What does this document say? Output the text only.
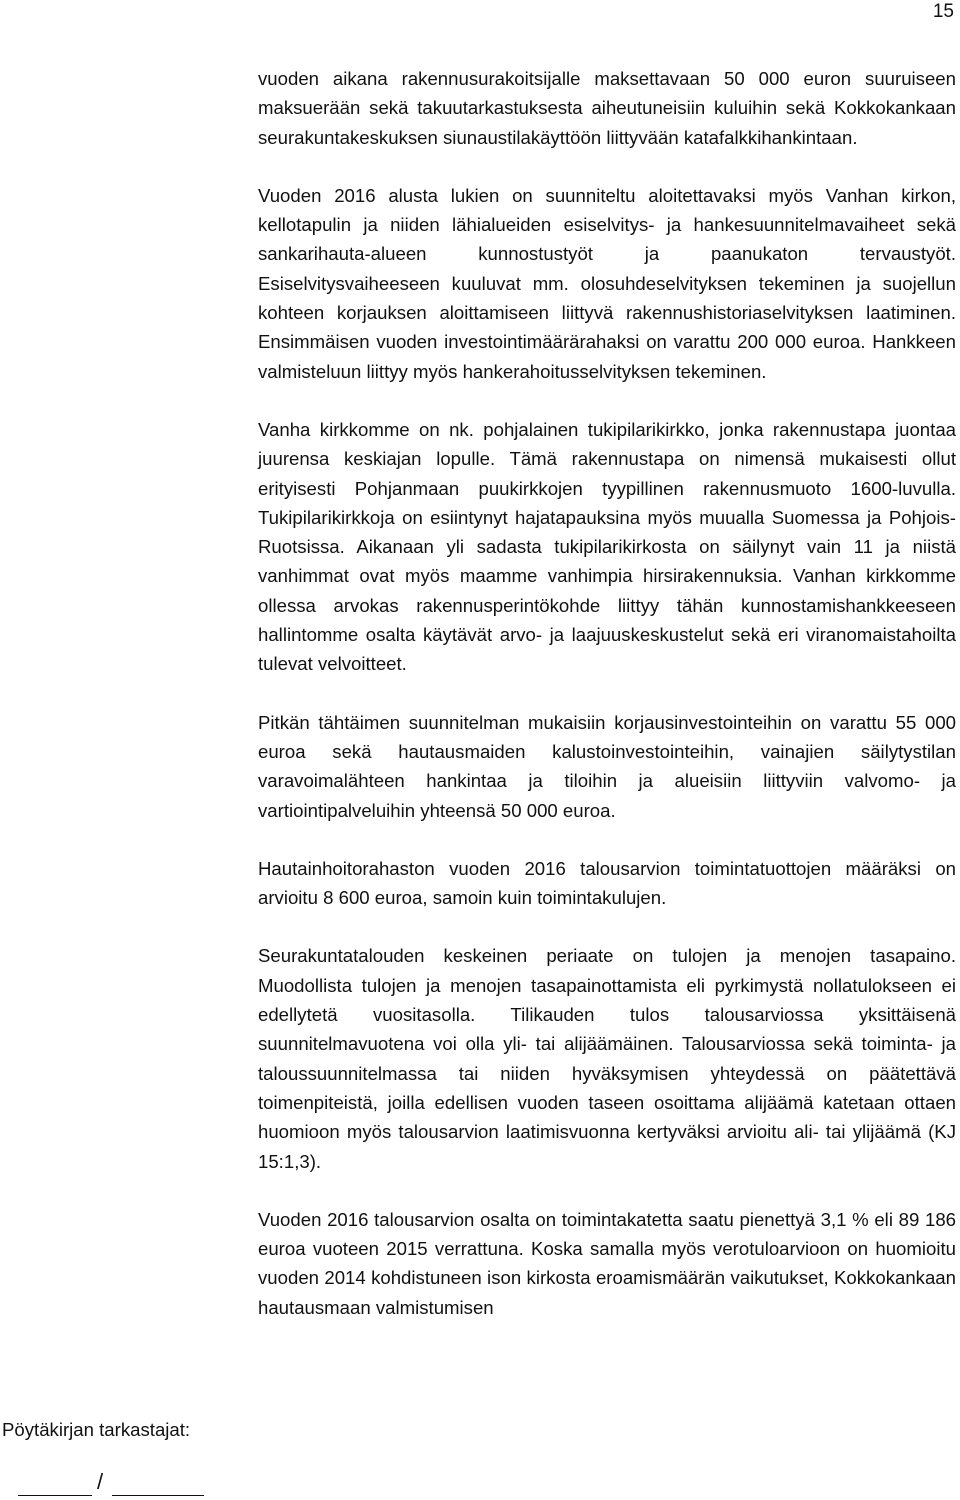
15

vuoden aikana rakennusurakoitsijalle maksettavaan 50 000 euron suuruiseen maksuerään sekä takuutarkastuksesta aiheutuneisiin kuluihin sekä Kokkokankaan seurakuntakeskuksen siunaustilakäyttöön liittyvään katafalkkihankintaan.

Vuoden 2016 alusta lukien on suunniteltu aloitettavaksi myös Vanhan kirkon, kellotapulin ja niiden lähialueiden esiselvitys- ja hankesuunnitelmavaiheet sekä sankarihauta-alueen kunnostustyöt ja paanukaton tervaustyöt. Esiselvitysvaiheeseen kuuluvat mm. olosuhdeselvityksen tekeminen ja suojellun kohteen korjauksen aloittamiseen liittyvä rakennushistoriaselvityksen laatiminen. Ensimmäisen vuoden investointimäärärahaksi on varattu 200 000 euroa. Hankkeen valmisteluun liittyy myös hankerahoitusselvityksen tekeminen.

Vanha kirkkomme on nk. pohjalainen tukipilarikirkko, jonka rakennustapa juontaa juurensa keskiajan lopulle. Tämä rakennustapa on nimensä mukaisesti ollut erityisesti Pohjanmaan puukirkkojen tyypillinen rakennusmuoto 1600-luvulla. Tukipilarikirkkoja on esiintynyt hajatapauksina myös muualla Suomessa ja Pohjois-Ruotsissa. Aikanaan yli sadasta tukipilarikirkosta on säilynyt vain 11 ja niistä vanhimmat ovat myös maamme vanhimpia hirsirakennuksia. Vanhan kirkkomme ollessa arvokas rakennusperintökohde liittyy tähän kunnostamishankkeeseen hallintomme osalta käytävät arvo- ja laajuuskeskustelut sekä eri viranomaistahoilta tulevat velvoitteet.

Pitkän tähtäimen suunnitelman mukaisiin korjausinvestointeihin on varattu 55 000 euroa sekä hautausmaiden kalustoinvestointeihin, vainajien säilytystilan varavoimalähteen hankintaa ja tiloihin ja alueisiin liittyviin valvomo- ja vartiointipalveluihin yhteensä 50 000 euroa.

Hautainhoitorahaston vuoden 2016 talousarvion toimintatuottojen määräksi on arvioitu 8 600 euroa, samoin kuin toimintakulujen.

Seurakuntatalouden keskeinen periaate on tulojen ja menojen tasapaino. Muodollista tulojen ja menojen tasapainottamista eli pyrkimystä nollatulokseen ei edellytetä vuositasolla. Tilikauden tulos talousarviossa yksittäisenä suunnitelmavuotena voi olla yli- tai alijäämäinen. Talousarviossa sekä toiminta- ja taloussuunnitelmassa tai niiden hyväksymisen yhteydessä on päätettävä toimenpiteistä, joilla edellisen vuoden taseen osoittama alijäämä katetaan ottaen huomioon myös talousarvion laatimisvuonna kertyväksi arvioitu ali- tai ylijäämä (KJ 15:1,3).

Vuoden 2016 talousarvion osalta on toimintakatetta saatu pienettyä 3,1 % eli 89 186 euroa vuoteen 2015 verrattuna. Koska samalla myös verotuloarvioon on huomioitu vuoden 2014 kohdistuneen ison kirkosta eroamismäärän vaikutukset, Kokkokankaan hautausmaan valmistumisen

Pöytäkirjan tarkastajat:
/
